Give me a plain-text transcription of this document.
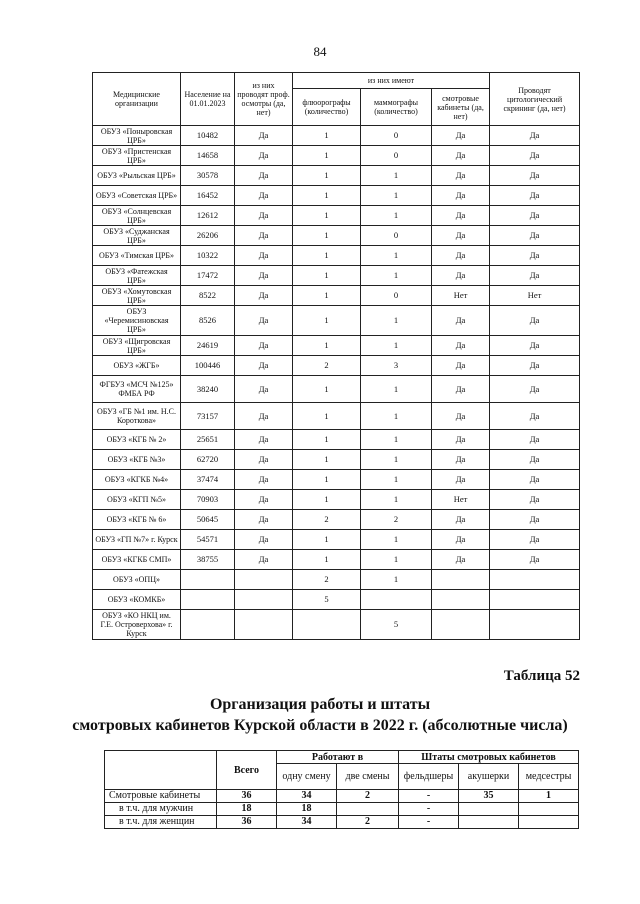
84
Медицинские организации	Население на 01.01.2023	из них проводят проф. осмотры (да, нет)	из них имеют			Проводят цитологический скрининг (да, нет)
			флюорографы (количество)	маммографы (количество)	смотровые кабинеты (да, нет)	
ОБУЗ «Поныровская ЦРБ»	10482	Да	1	0	Да	Да
ОБУЗ «Пристенская ЦРБ»	14658	Да	1	0	Да	Да
ОБУЗ «Рыльская ЦРБ»	30578	Да	1	1	Да	Да
ОБУЗ «Советская ЦРБ»	16452	Да	1	1	Да	Да
ОБУЗ «Солнцевская ЦРБ»	12612	Да	1	1	Да	Да
ОБУЗ «Суджанская ЦРБ»	26206	Да	1	0	Да	Да
ОБУЗ «Тимская ЦРБ»	10322	Да	1	1	Да	Да
ОБУЗ «Фатежская ЦРБ»	17472	Да	1	1	Да	Да
ОБУЗ «Хомутовская ЦРБ»	8522	Да	1	0	Нет	Нет
ОБУЗ «Черемисиновская ЦРБ»	8526	Да	1	1	Да	Да
ОБУЗ «Щигровская ЦРБ»	24619	Да	1	1	Да	Да
ОБУЗ «ЖГБ»	100446	Да	2	3	Да	Да
ФГБУЗ «МСЧ №125» ФМБА РФ	38240	Да	1	1	Да	Да
ОБУЗ «ГБ №1 им. Н.С. Короткова»	73157	Да	1	1	Да	Да
ОБУЗ «КГБ № 2»	25651	Да	1	1	Да	Да
ОБУЗ «КГБ №3»	62720	Да	1	1	Да	Да
ОБУЗ «КГКБ №4»	37474	Да	1	1	Да	Да
ОБУЗ «КГП №5»	70903	Да	1	1	Нет	Да
ОБУЗ «КГБ № 6»	50645	Да	2	2	Да	Да
ОБУЗ «ГП №7» г. Курск	54571	Да	1	1	Да	Да
ОБУЗ «КГКБ СМП»	38755	Да	1	1	Да	Да
ОБУЗ «ОПЦ»			2	1		
ОБУЗ «КОМКБ»			5			
ОБУЗ «КО НКЦ им. Г.Е. Островерхова» г. Курск				5		
Таблица 52
Организация работы и штаты
смотровых кабинетов Курской области в 2022 г. (абсолютные числа)
	Всего	Работают в		Штаты смотровых кабинетов		
		одну смену	две смены	фельдшеры	акушерки	медсестры
Смотровые кабинеты	36	34	2	-	35	1
в т.ч. для мужчин	18	18		-		
в т.ч. для женщин	36	34	2	-		
